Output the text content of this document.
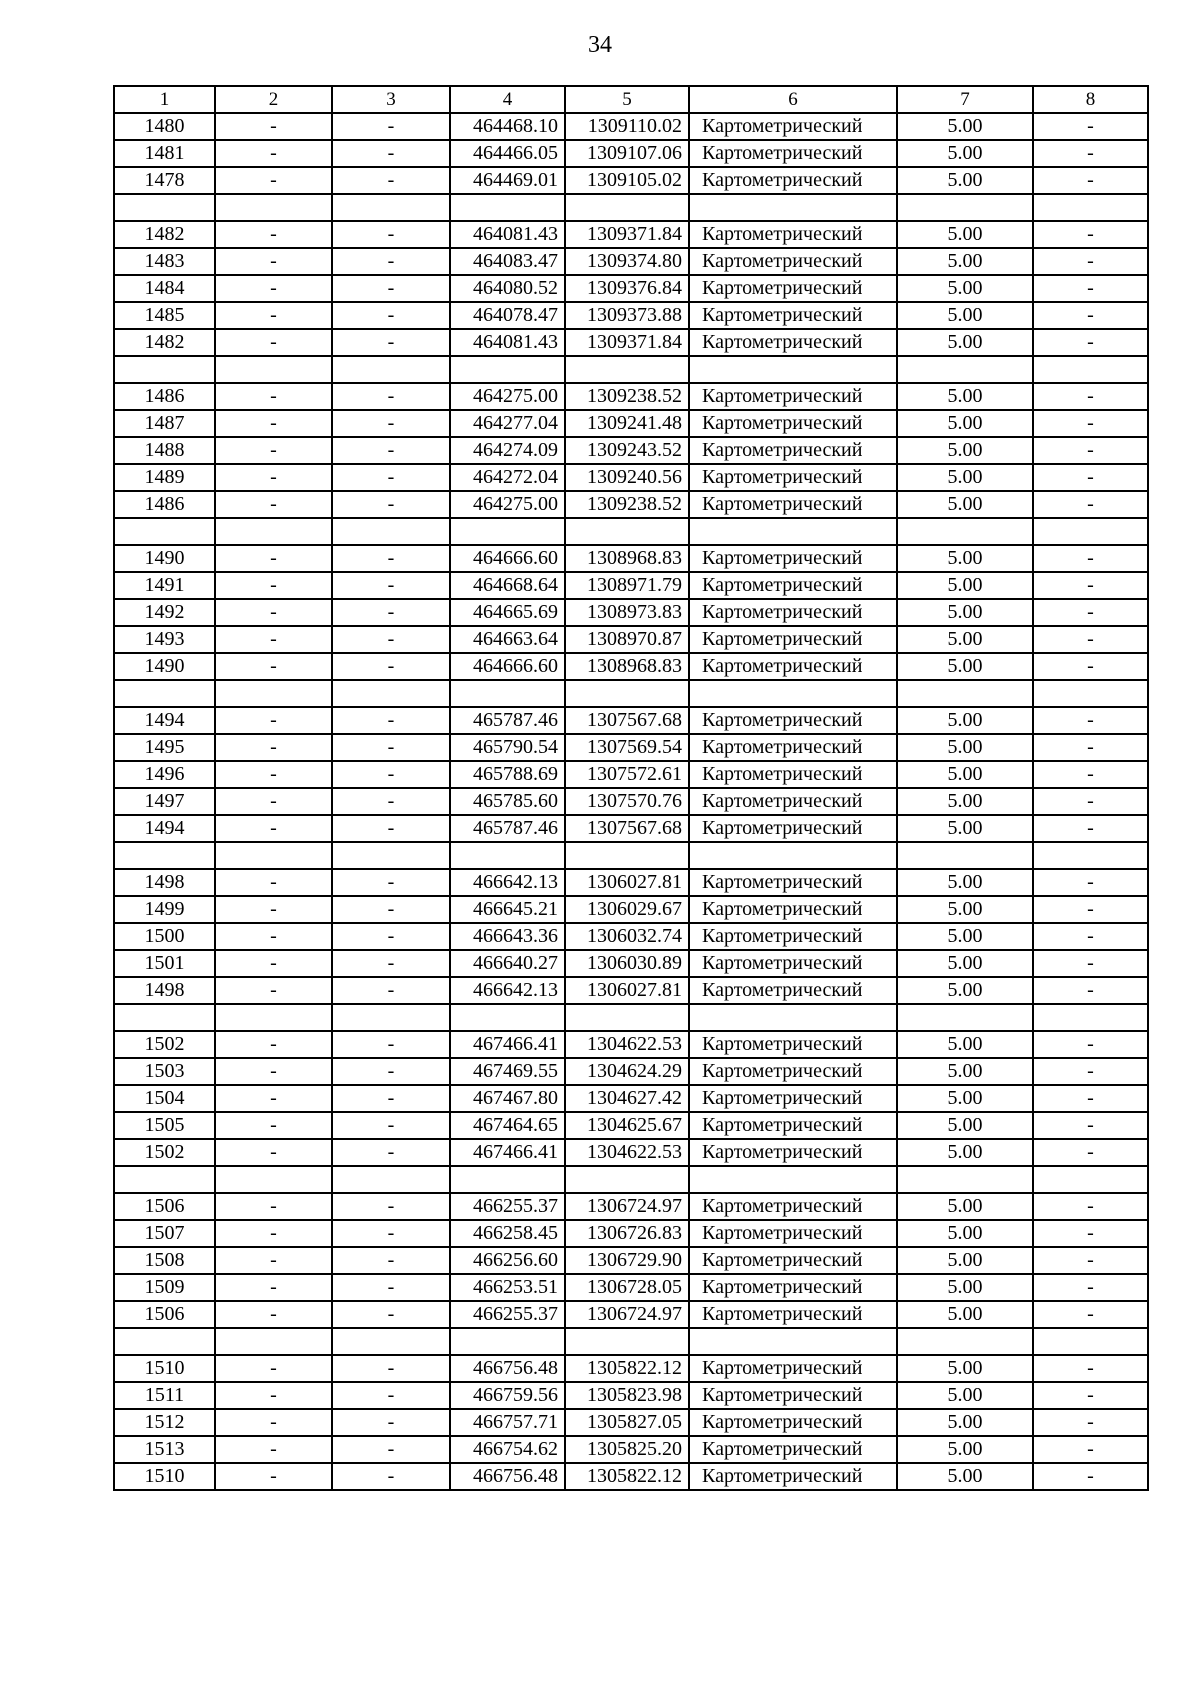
34
1	2	3	4	5	6	7	8
1480	-	-	464468.10	1309110.02	Картометрический	5.00	-
1481	-	-	464466.05	1309107.06	Картометрический	5.00	-
1478	-	-	464469.01	1309105.02	Картометрический	5.00	-

1482	-	-	464081.43	1309371.84	Картометрический	5.00	-
1483	-	-	464083.47	1309374.80	Картометрический	5.00	-
1484	-	-	464080.52	1309376.84	Картометрический	5.00	-
1485	-	-	464078.47	1309373.88	Картометрический	5.00	-
1482	-	-	464081.43	1309371.84	Картометрический	5.00	-

1486	-	-	464275.00	1309238.52	Картометрический	5.00	-
1487	-	-	464277.04	1309241.48	Картометрический	5.00	-
1488	-	-	464274.09	1309243.52	Картометрический	5.00	-
1489	-	-	464272.04	1309240.56	Картометрический	5.00	-
1486	-	-	464275.00	1309238.52	Картометрический	5.00	-

1490	-	-	464666.60	1308968.83	Картометрический	5.00	-
1491	-	-	464668.64	1308971.79	Картометрический	5.00	-
1492	-	-	464665.69	1308973.83	Картометрический	5.00	-
1493	-	-	464663.64	1308970.87	Картометрический	5.00	-
1490	-	-	464666.60	1308968.83	Картометрический	5.00	-

1494	-	-	465787.46	1307567.68	Картометрический	5.00	-
1495	-	-	465790.54	1307569.54	Картометрический	5.00	-
1496	-	-	465788.69	1307572.61	Картометрический	5.00	-
1497	-	-	465785.60	1307570.76	Картометрический	5.00	-
1494	-	-	465787.46	1307567.68	Картометрический	5.00	-

1498	-	-	466642.13	1306027.81	Картометрический	5.00	-
1499	-	-	466645.21	1306029.67	Картометрический	5.00	-
1500	-	-	466643.36	1306032.74	Картометрический	5.00	-
1501	-	-	466640.27	1306030.89	Картометрический	5.00	-
1498	-	-	466642.13	1306027.81	Картометрический	5.00	-

1502	-	-	467466.41	1304622.53	Картометрический	5.00	-
1503	-	-	467469.55	1304624.29	Картометрический	5.00	-
1504	-	-	467467.80	1304627.42	Картометрический	5.00	-
1505	-	-	467464.65	1304625.67	Картометрический	5.00	-
1502	-	-	467466.41	1304622.53	Картометрический	5.00	-

1506	-	-	466255.37	1306724.97	Картометрический	5.00	-
1507	-	-	466258.45	1306726.83	Картометрический	5.00	-
1508	-	-	466256.60	1306729.90	Картометрический	5.00	-
1509	-	-	466253.51	1306728.05	Картометрический	5.00	-
1506	-	-	466255.37	1306724.97	Картометрический	5.00	-

1510	-	-	466756.48	1305822.12	Картометрический	5.00	-
1511	-	-	466759.56	1305823.98	Картометрический	5.00	-
1512	-	-	466757.71	1305827.05	Картометрический	5.00	-
1513	-	-	466754.62	1305825.20	Картометрический	5.00	-
1510	-	-	466756.48	1305822.12	Картометрический	5.00	-
